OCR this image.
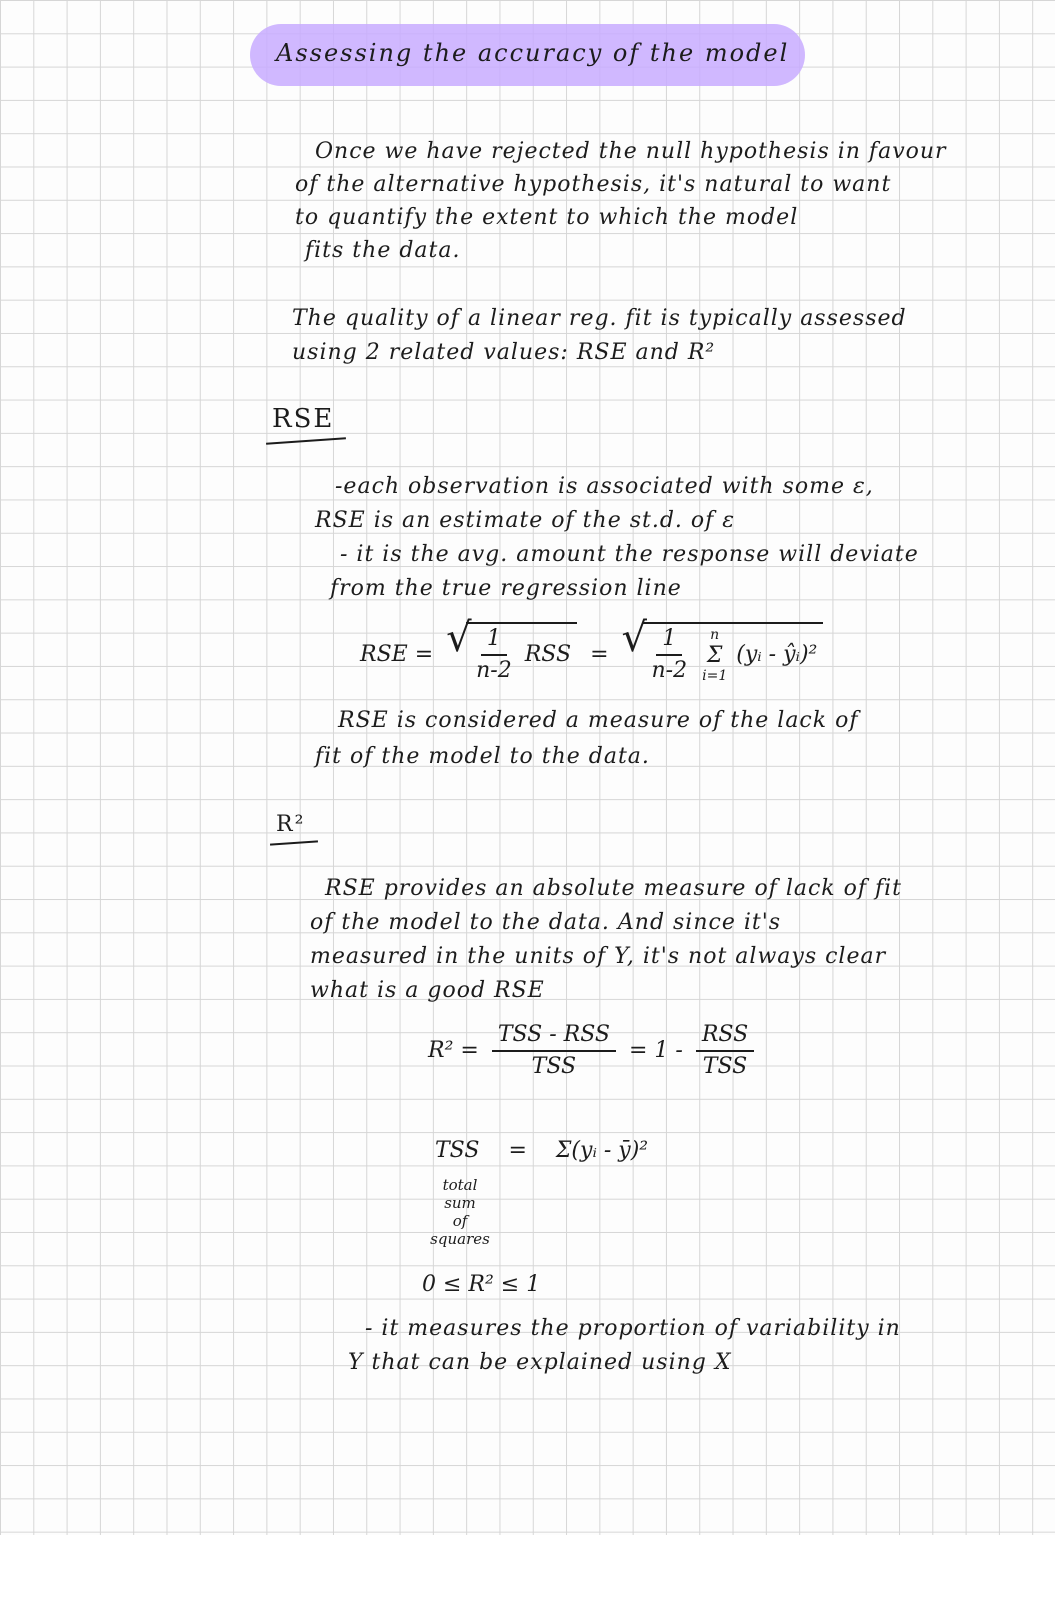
Assessing the accuracy of the model
Once we have rejected the null hypothesis in favour
of the alternative hypothesis, it's natural to want
to quantify the extent to which the model
fits the data.
The quality of a linear reg. fit is typically assessed
using 2 related values: RSE and R²
RSE
-each observation is associated with some ε,
RSE is an estimate of the st.d. of ε
- it is the avg. amount the response will deviate
from the true regression line
RSE = √ $\frac{1}{n-2}$ RSS = √ $\frac{1}{n-2}$
n
Σ
i=1
(yᵢ - ŷᵢ)²
RSE is considered a measure of the lack of
fit of the model to the data.
R²
RSE provides an absolute measure of lack of fit
of the model to the data. And since it's
measured in the units of Y, it's not always clear
what is a good RSE
$R^2 = \frac{\text{TSS - RSS}}{\text{TSS}} = 1 - \frac{\text{RSS}}{\text{TSS}}$
TSS = Σ(yᵢ - ȳ)²
total
sum
of
squares
0 ≤ R² ≤ 1
- it measures the proportion of variability in
Y that can be explained using X
